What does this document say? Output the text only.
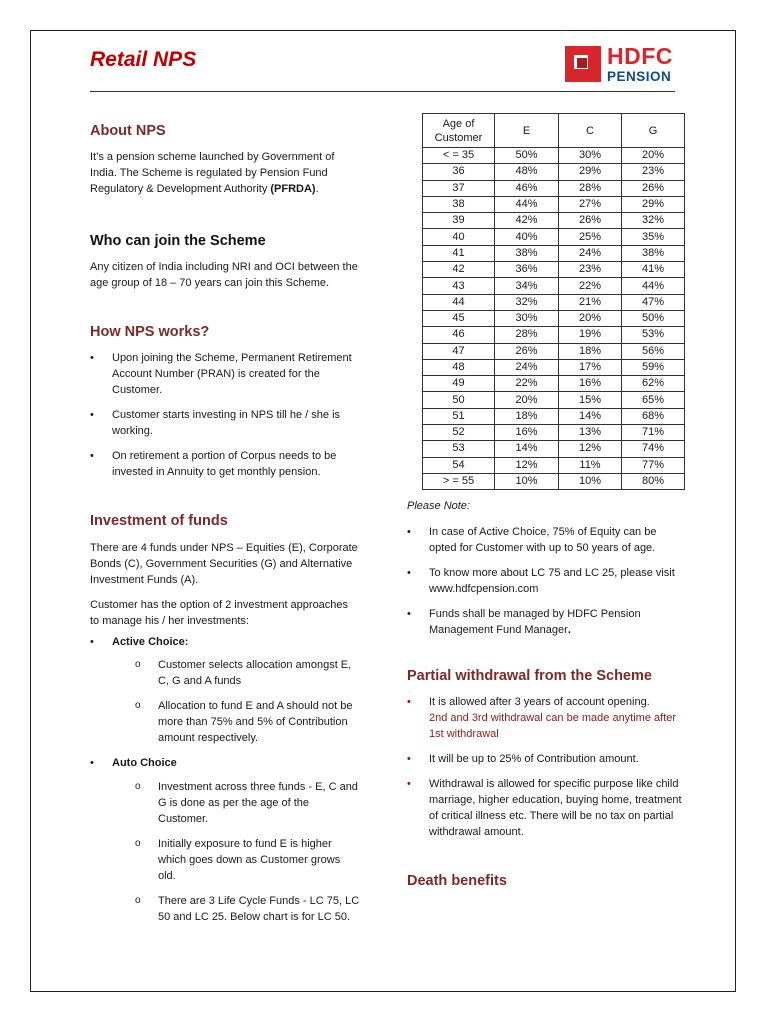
Retail NPS	HDFC
PENSION
About NPS

It’s a pension scheme launched by Government of India. The Scheme is regulated by Pension Fund Regulatory & Development Authority (PFRDA).

Who can join the Scheme

Any citizen of India including NRI and OCI between the age group of 18 – 70 years can join this Scheme.

How NPS works?
• Upon joining the Scheme, Permanent Retirement Account Number (PRAN) is created for the Customer.
• Customer starts investing in NPS till he / she is working.
• On retirement a portion of Corpus needs to be invested in Annuity to get monthly pension.
Investment of funds

There are 4 funds under NPS – Equities (E), Corporate Bonds (C), Government Securities (G) and Alternative Investment Funds (A).

Customer has the option of 2 investment approaches to manage his / her investments:

• Active Choice:
o Customer selects allocation amongst E, C, G and A funds
o Allocation to fund E and A should not be more than 75% and 5% of Contribution amount respectively.
• Auto Choice
o Investment across three funds - E, C and G is done as per the age of the Customer.
o Initially exposure to fund E is higher which goes down as Customer grows old.
o There are 3 Life Cycle Funds - LC 75, LC 50 and LC 25. Below chart is for LC 50.
Age of Customer	E	C	G
< = 35	50%	30%	20%
36	48%	29%	23%
37	46%	28%	26%
38	44%	27%	29%
39	42%	26%	32%
40	40%	25%	35%
41	38%	24%	38%
42	36%	23%	41%
43	34%	22%	44%
44	32%	21%	47%
45	30%	20%	50%
46	28%	19%	53%
47	26%	18%	56%
48	24%	17%	59%
49	22%	16%	62%
50	20%	15%	65%
51	18%	14%	68%
52	16%	13%	71%
53	14%	12%	74%
54	12%	11%	77%
> = 55	10%	10%	80%

Please Note:

• In case of Active Choice, 75% of Equity can be opted for Customer with up to 50 years of age.
• To know more about LC 75 and LC 25, please visit www.hdfcpension.com
• Funds shall be managed by HDFC Pension Management Fund Manager.
Partial withdrawal from the Scheme
• It is allowed after 3 years of account opening.
2nd and 3rd withdrawal can be made anytime after 1st withdrawal
• It will be up to 25% of Contribution amount.
• Withdrawal is allowed for specific purpose like child marriage, higher education, buying home, treatment of critical illness etc. There will be no tax on partial withdrawal amount.
Death benefits
